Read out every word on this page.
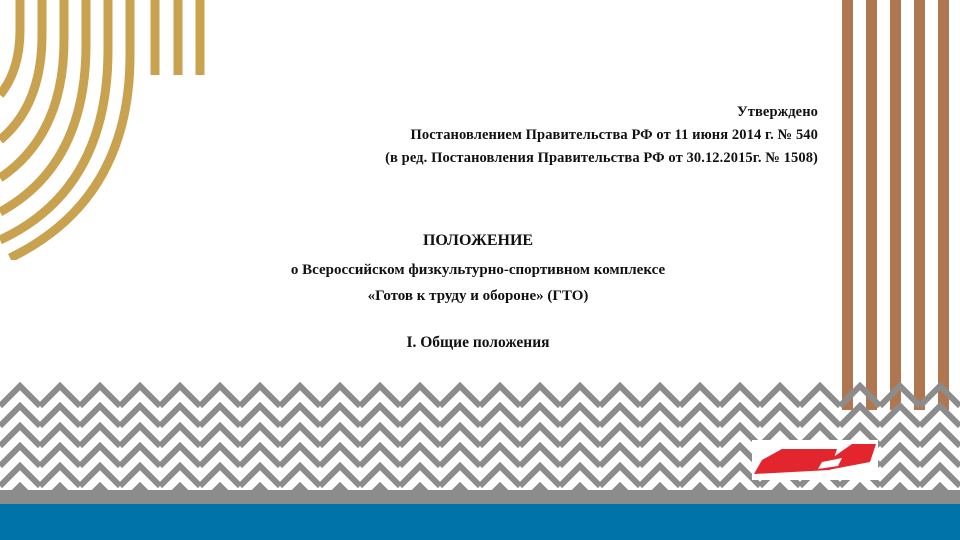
Утверждено
Постановлением Правительства РФ от 11 июня 2014 г. № 540
(в ред. Постановления Правительства РФ от 30.12.2015г. № 1508)
ПОЛОЖЕНИЕ
о Всероссийском физкультурно-спортивном комплексе
«Готов к труду и обороне» (ГТО)
I. Общие положения
